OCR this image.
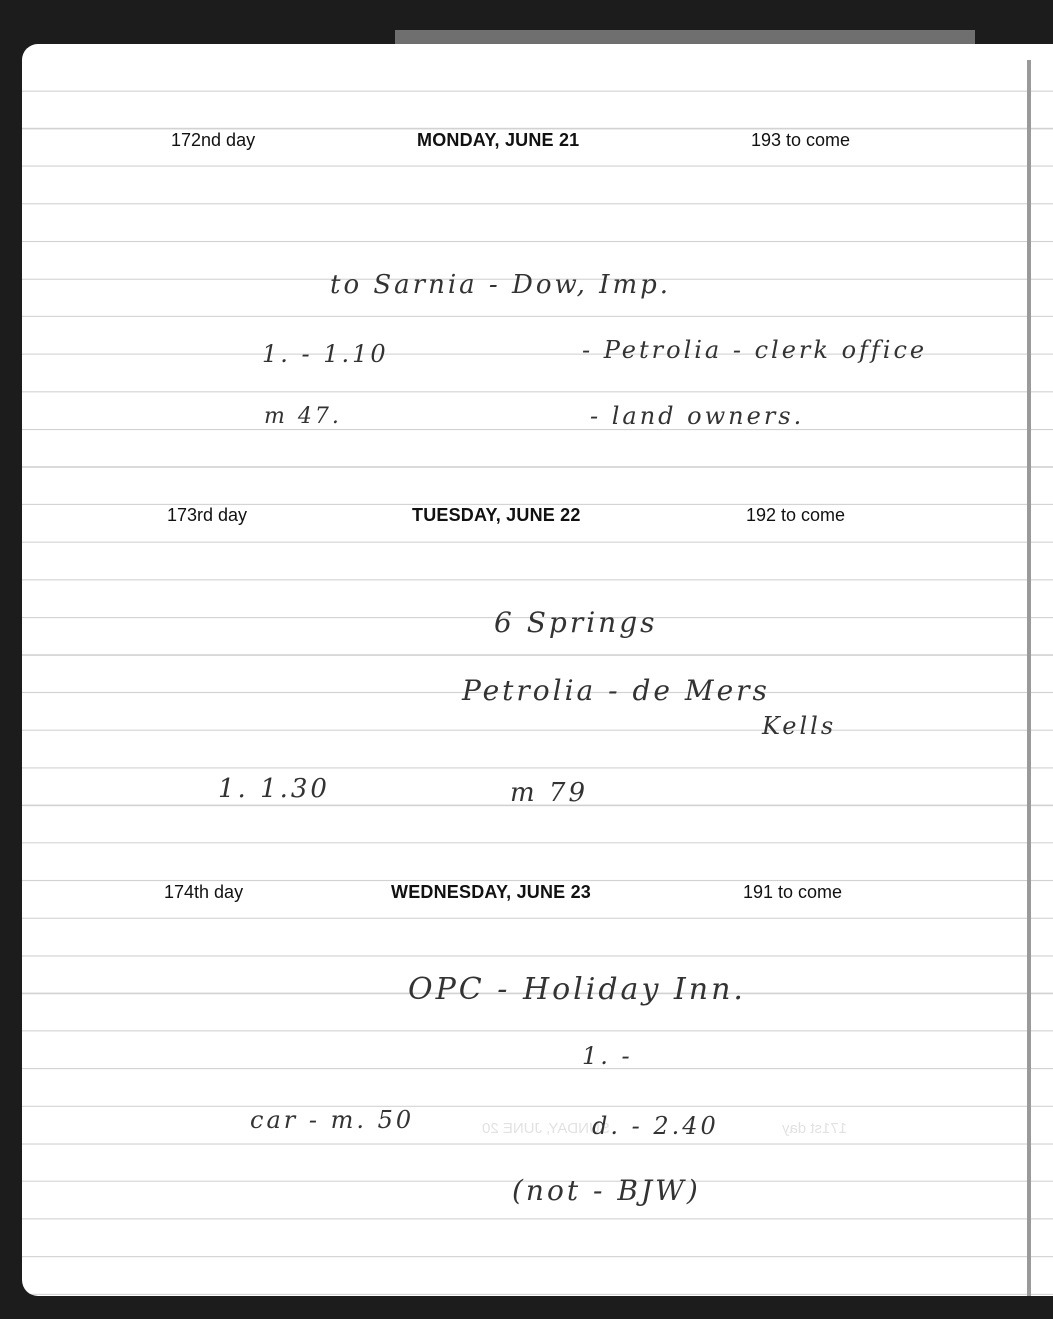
SUNDAY, JUNE 20	171st day
172nd day	MONDAY, JUNE 21	193 to come
to Sarnia - Dow, Imp.
1. - 1.10	- Petrolia - clerk office
m 47.	- land owners.
173rd day	TUESDAY, JUNE 22	192 to come
6 Springs
Petrolia - de Mers
Kells
1. 1.30	m 79
174th day	WEDNESDAY, JUNE 23	191 to come
OPC - Holiday Inn.
1. -
car - m. 50	d. - 2.40
(not - BJW)
